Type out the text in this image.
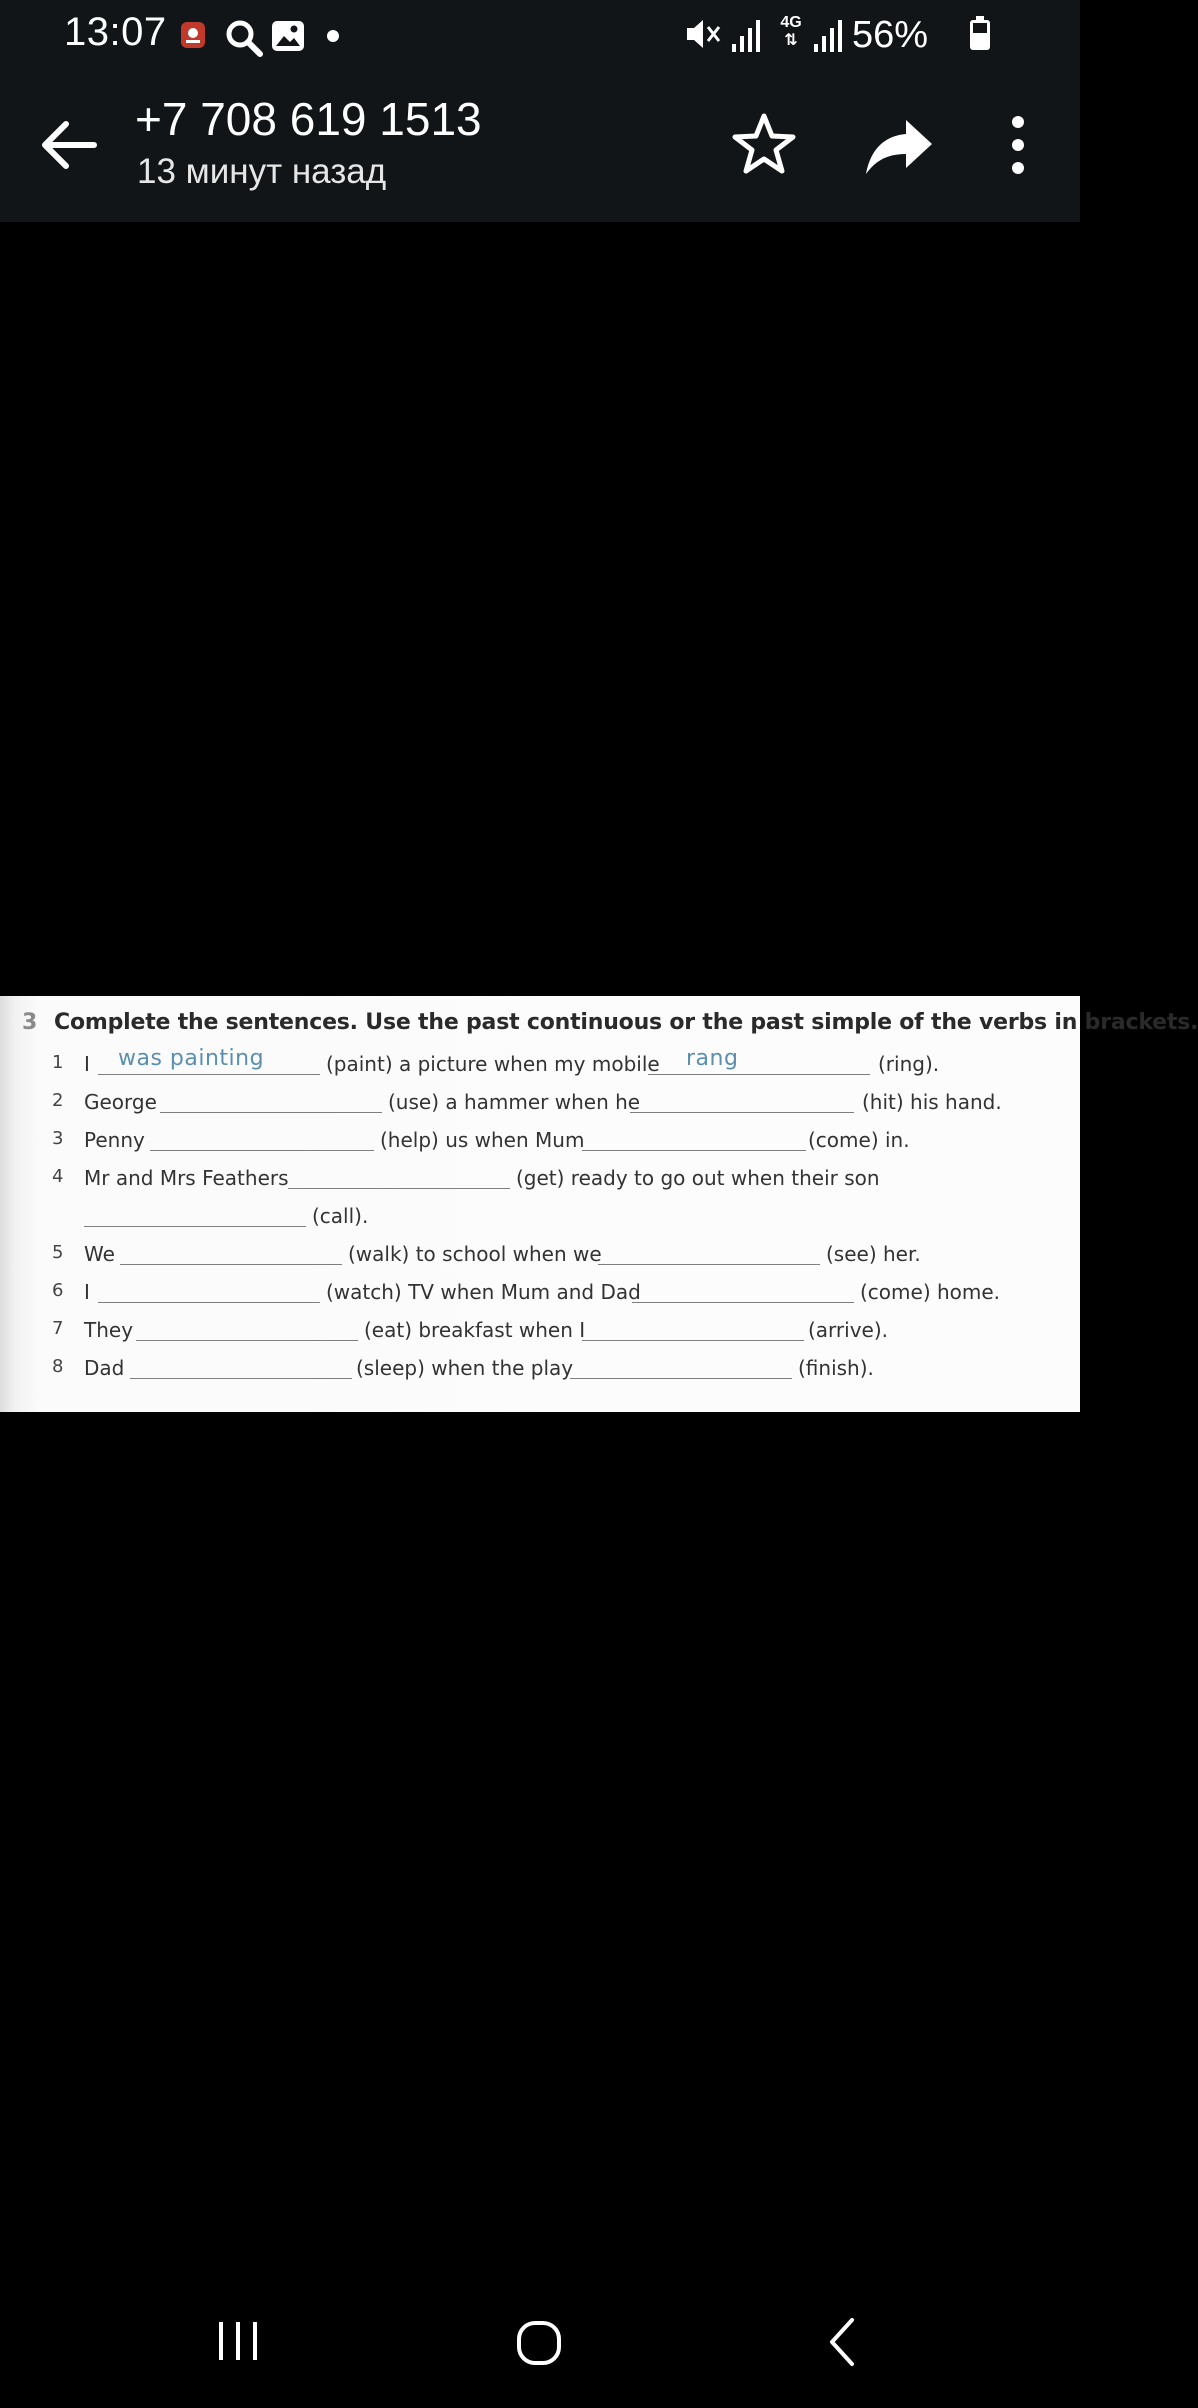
13:07	4G
⇅ 56%
+7 708 619 1513
13 минут назад
3 Complete the sentences. Use the past continuous or the past simple of the verbs in brackets.
1	I was painting	(paint) a picture when my mobile rang	(ring).
2	George	(use) a hammer when he	(hit) his hand.
3	Penny	(help) us when Mum	(come) in.
4	Mr and Mrs Feathers	(get) ready to go out when their son
(call).
5	We	(walk) to school when we	(see) her.
6	I	(watch) TV when Mum and Dad	(come) home.
7	They	(eat) breakfast when I	(arrive).
8	Dad	(sleep) when the play	(finish).
